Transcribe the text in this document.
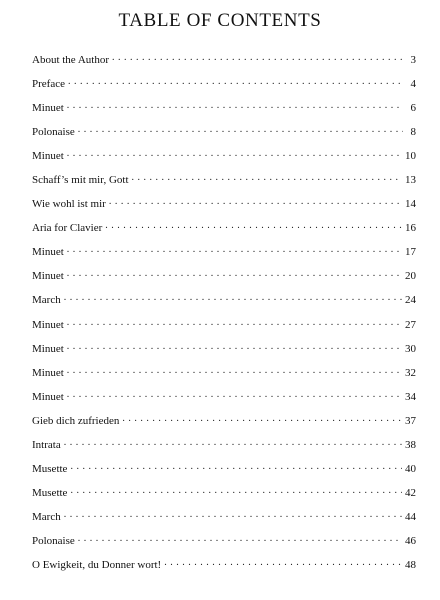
TABLE OF CONTENTS
About the Author . . .	3
Preface . . .	4
Minuet . . .	6
Polonaise . . .	8
Minuet . . .	10
Schaff’s mit mir, Gott . . .	13
Wie wohl ist mir . . .	14
Aria for Clavier . . .	16
Minuet . . .	17
Minuet . . .	20
March . . .	24
Minuet . . .	27
Minuet . . .	30
Minuet . . .	32
Minuet . . .	34
Gieb dich zufrieden . . .	37
Intrata . . .	38
Musette . . .	40
Musette . . .	42
March . . .	44
Polonaise . . .	46
O Ewigkeit, du Donner wort! . . .	48
